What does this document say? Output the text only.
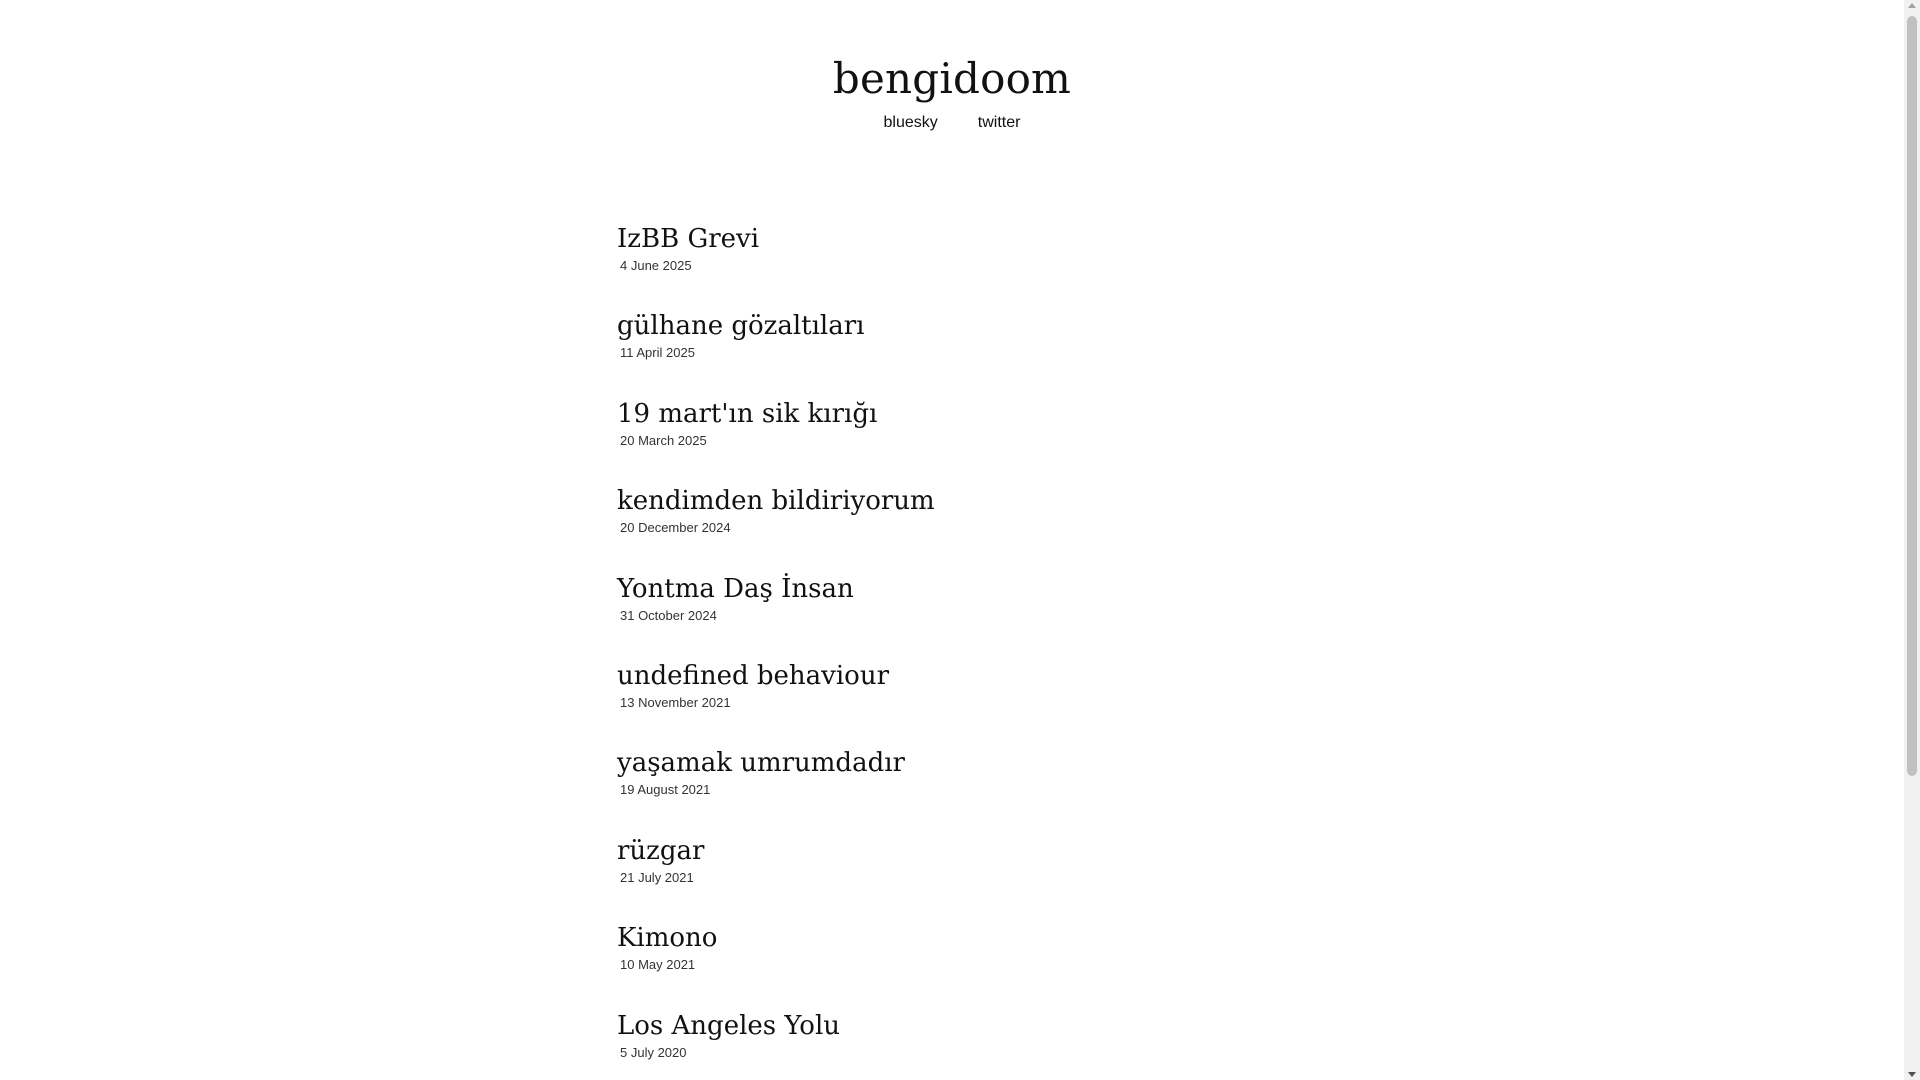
bengidoom
bluesky	twitter
IzBB Grevi
4 June 2025
gülhane gözaltıları
11 April 2025
19 mart'ın sik kırığı
20 March 2025
kendimden bildiriyorum
20 December 2024
Yontma Daş İnsan
31 October 2024
undefined behaviour
13 November 2021
yaşamak umrumdadır
19 August 2021
rüzgar
21 July 2021
Kimono
10 May 2021
Los Angeles Yolu
5 July 2020
